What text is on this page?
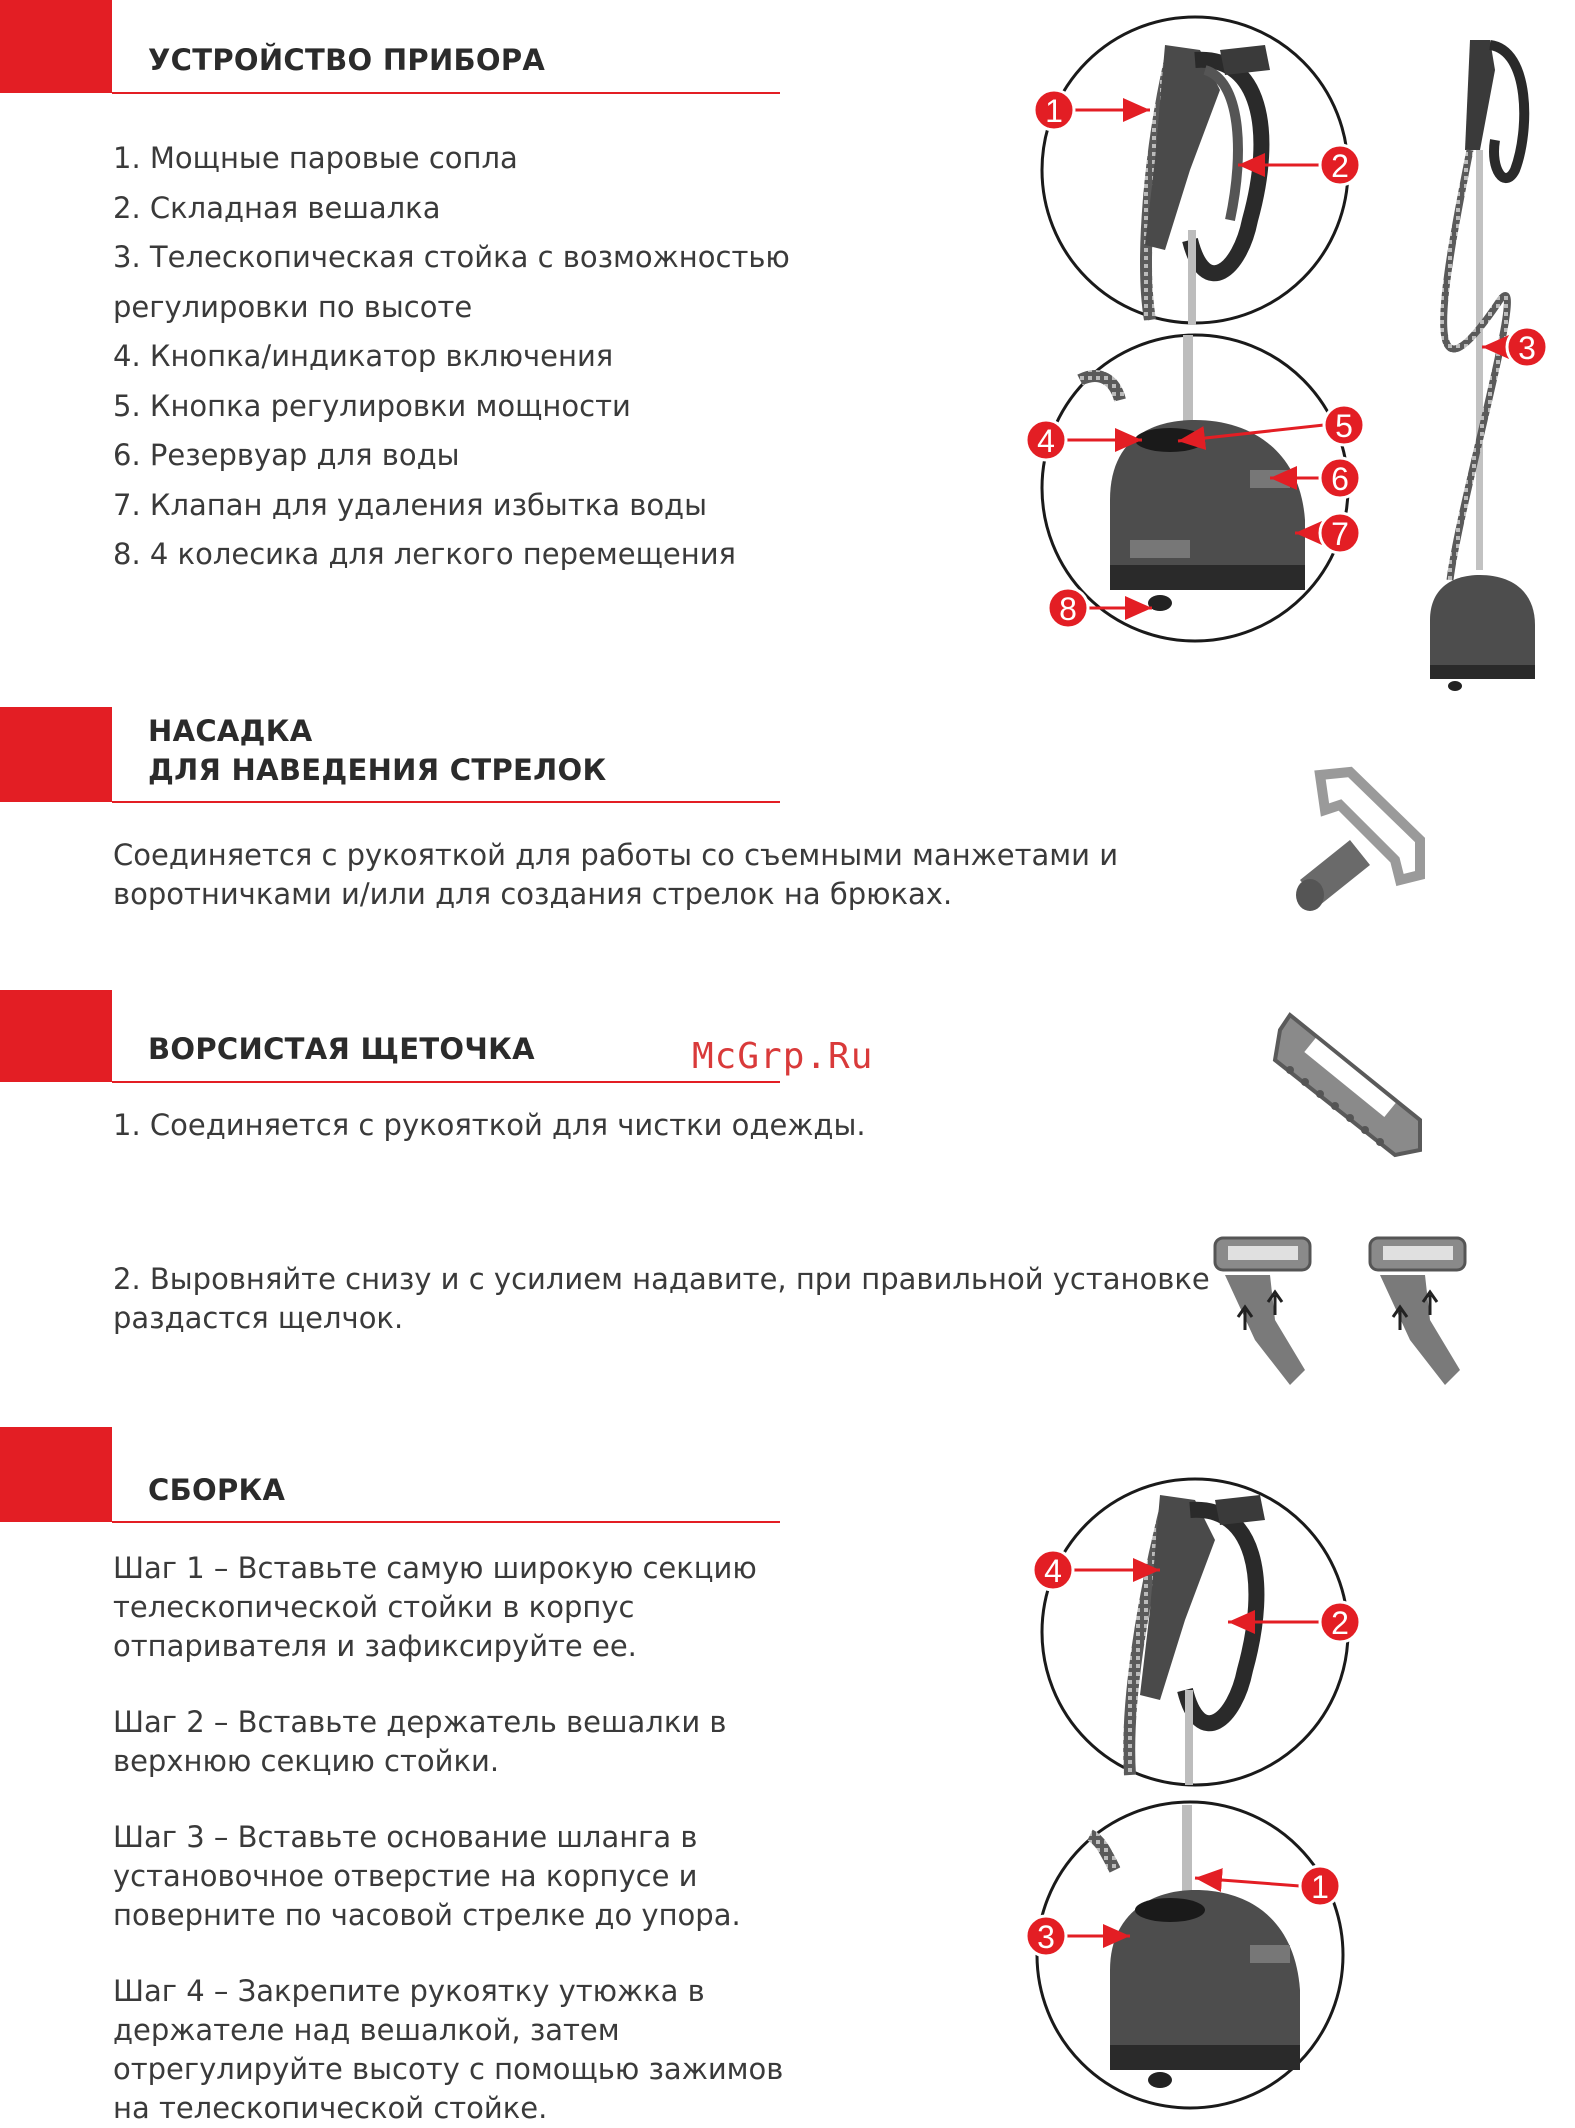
УСТРОЙСТВО ПРИБОРА
1. Мощные паровые сопла
2. Складная вешалка
3. Телескопическая стойка с возможностью
регулировки по высоте
4. Кнопка/индикатор включения
5. Кнопка регулировки мощности
6. Резервуар для воды
7. Клапан для удаления избытка воды
8. 4 колесика для легкого перемещения
НАСАДКА
ДЛЯ НАВЕДЕНИЯ СТРЕЛОК
Соединяется с рукояткой для работы со съемными манжетами и
воротничками и/или для создания стрелок на брюках.
ВОРСИСТАЯ ЩЕТОЧКА
1. Соединяется с рукояткой для чистки одежды.
2. Выровняйте снизу и с усилием надавите, при правильной установке
раздастся щелчок.
СБОРКА
Шаг 1 – Вставьте самую широкую секцию
телескопической стойки в корпус
отпаривателя и зафиксируйте ее.
Шаг 2 – Вставьте держатель вешалки в
верхнюю секцию стойки.
Шаг 3 – Вставьте основание шланга в
установочное отверстие на корпусе и
поверните по часовой стрелке до упора.
Шаг 4 – Закрепите рукоятку утюжка в
держателе над вешалкой, затем
отрегулируйте высоту с помощью зажимов
на телескопической стойке.
McGrp.Ru
1
2
3
4	5
6
7
8
4
2
1
3
